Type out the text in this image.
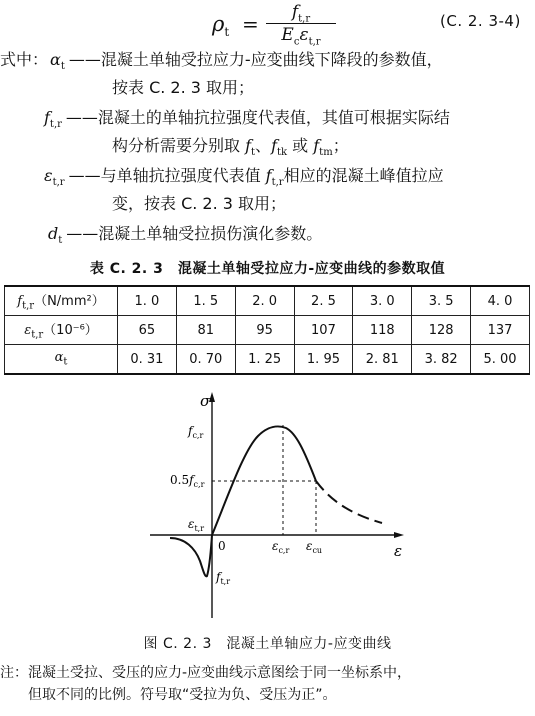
$\rho_t$ =	$f_{t,r}$
$E_c\varepsilon_{t,r}$
(C. 2. 3-4)
式中： $\alpha_t$ ——混凝土单轴受拉应力-应变曲线下降段的参数值，
按表 C. 2. 3 取用；
$f_{t,r}$ ——混凝土的单轴抗拉强度代表值，其值可根据实际结
构分析需要分别取 $f_t$、$f_{tk}$ 或 $f_{tm}$；
$\varepsilon_{t,r}$ ——与单轴抗拉强度代表值 $f_{t,r}$相应的混凝土峰值拉应
变，按表 C. 2. 3 取用；
$d_t$ ——混凝土单轴受拉损伤演化参数。
表 C. 2. 3　混凝土单轴受拉应力-应变曲线的参数取值
$f_{t,r}(N/mm^2)$	1. 0	1. 5	2. 0	2. 5	3. 0	3. 5	4. 0
$\varepsilon_{t,r}(10^{-6})$	65	81	95	107	118	128	137
$\alpha_t$	0. 31	0. 70	1. 25	1. 95	2. 81	3. 82	5. 00
σ
ε
0
$f_{c,r}$
$0.5f_{c,r}$
$\varepsilon_{t,r}$
$f_{t,r}$
$\varepsilon_{c,r}$ $\varepsilon_{cu}$
图 C. 2. 3　混凝土单轴应力-应变曲线
注：混凝土受拉、受压的应力-应变曲线示意图绘于同一坐标系中，
　　但取不同的比例。符号取“受拉为负、受压为正”。
